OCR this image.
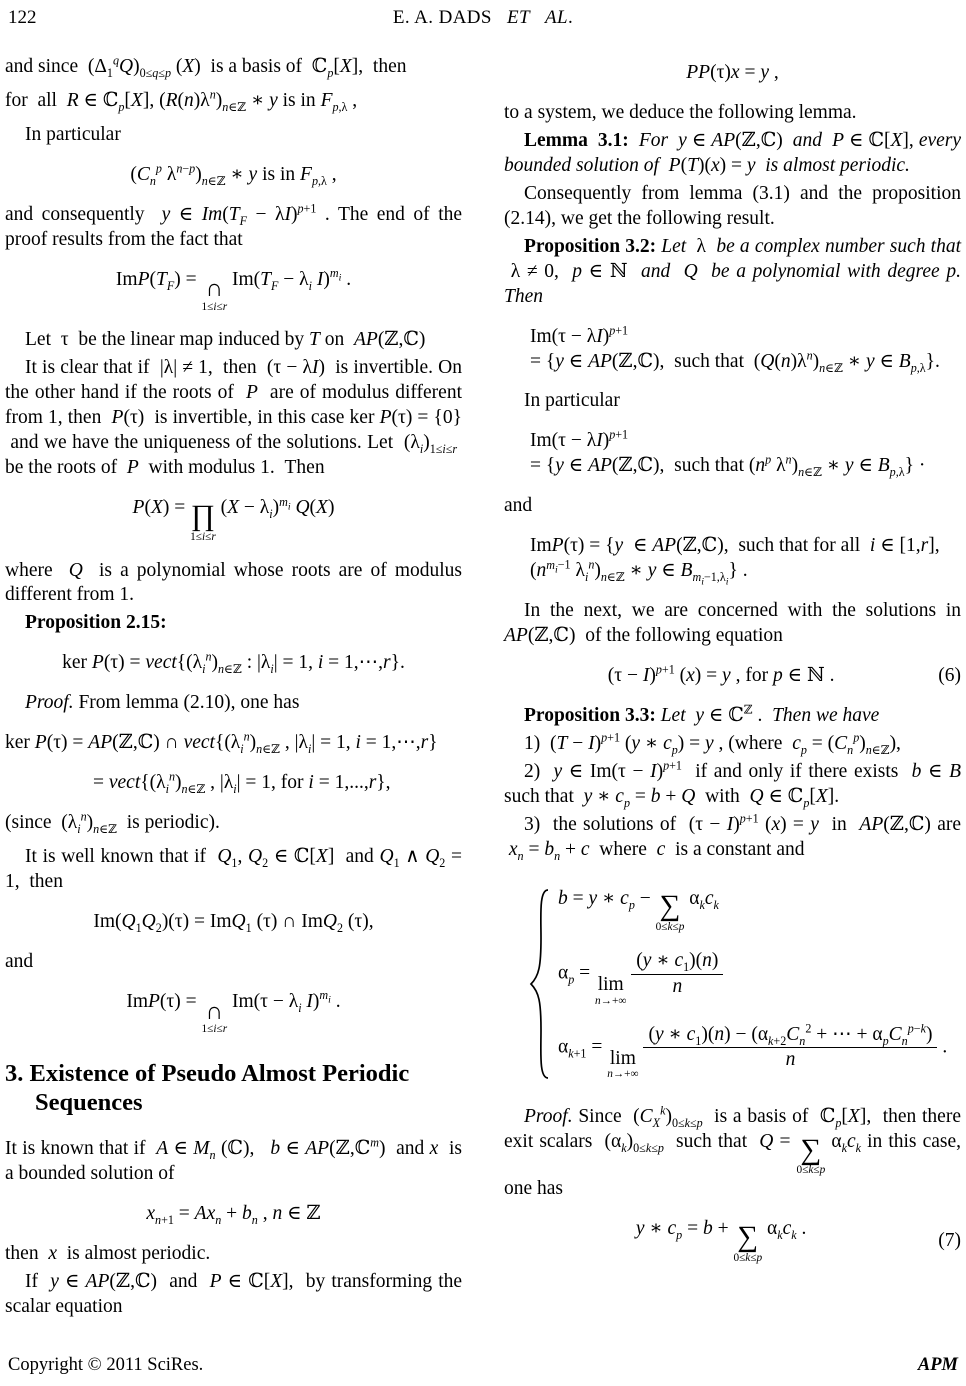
122	E. A. DADS  ET  AL.
and since  $(\Delta_1^qQ)_{0\le q\le p}$ (X)  is a basis of  ℂ$_p$[X],  then
for  all  R ∈ ℂ$_p$[X], $(R(n)\lambda^n)_{n\in ℤ}$ ∗ y is in $F_{p,\lambda}$ ,
In particular
($C_n^p$ $\lambda^{n-p})_{n\in ℤ}$ ∗ y is in $F_{p,\lambda}$ ,
and consequently  y ∈ $Im(T_F - \lambda I)^{p+1}$ . The end of the proof results from the fact that
$ImP(T_F)$ = ∩
1≤i≤r
$Im(T_F - \lambda_i$ I)$^{m_i}$ .
Let  τ  be the linear map induced by T on  AP(ℤ,ℂ)
It is clear that if  |λ| ≠ 1,  then  (τ − λI)  is invertible. On the other hand if the roots of  P  are of modulus different from 1, then  P(τ)  is invertible, in this case ker P(τ) = {0}  and we have the uniqueness of the solutions. Let  $(\lambda_i)_{1\le i\le r}$  be the roots of  P  with modulus 1.  Then
P(X) = ∏
1≤i≤r
$(X - \lambda_i)^{m_i}$ Q(X)
where  Q  is a polynomial whose roots are of modulus different from 1.
Proposition 2.15:
ker $P(\tau) = vect\{(\lambda_i^n)_{n\in ℤ}$ : $|\lambda_i| = 1$, i = 1,⋯,r}.
Proof. From lemma (2.10), one has
ker P(τ) = AP(ℤ,ℂ) ∩ $vect\{(\lambda_i^n)_{n\in ℤ}$ , $|\lambda_i| = 1$, i = 1,⋯,r}
= $vect\{(\lambda_i^n)_{n\in ℤ}$ , $|\lambda_i| = 1$, for i = 1,...,r},
(since  $(\lambda_i^n)_{n\in ℤ}$  is periodic).
It is well known that if  $Q_1$, $Q_2$ ∈ ℂ[X]  and $Q_1$ ∧ $Q_2 = 1$,  then
$Im(Q_1Q_2)(\tau) = ImQ_1$ (τ) ∩ ImQ$_2$ (τ),
and
ImP(τ) = ∩
1≤i≤r
$Im(\tau - \lambda_i$ I)$^{m_i}$ .
3. Existence of Pseudo Almost Periodic Sequences
It is known that if  A ∈ $M_n$ (ℂ),   b ∈ AP(ℤ,ℂ$^m$)  and x  is a bounded solution of
$x_{n+1} = Ax_n + b_n$ , n ∈ ℤ
then  x  is almost periodic.
If  y ∈ AP(ℤ,ℂ)  and  P ∈ ℂ[X],  by transforming the scalar equation
PP(τ)x = y ,
to a system, we deduce the following lemma.
Lemma  3.1: For y ∈ AP(ℤ,ℂ)  and P ∈ ℂ[X], every bounded solution of P(T)(x) = y is almost periodic.
Consequently from lemma (3.1) and the proposition (2.14), we get the following result.
Proposition 3.2: Let  λ  be a complex number such that  λ ≠ 0,  p ∈ ℕ  and Q be a polynomial with degree p. Then
$Im(\tau - \lambda I)^{p+1}$
= {y ∈ AP(ℤ,ℂ),  such that  $(Q(n)\lambda^n)_{n\in ℤ}$ ∗ y ∈ $B_{p,\lambda}$}.
In particular
$Im(\tau - \lambda I)^{p+1}$
= {y ∈ AP(ℤ,ℂ),  such that ($n^p$ $\lambda^n)_{n\in ℤ}$ ∗ y ∈ $B_{p,\lambda}$} ·
and
ImP(τ) = {y  ∈ AP(ℤ,ℂ),  such that for all  i ∈ [1,r],
($n^{m_i-1}$ $\lambda_i^n)_{n\in ℤ}$ ∗ y ∈ $B_{m_i-1,\lambda_i}$} .
In the next, we are concerned with the solutions in AP(ℤ,ℂ)  of the following equation
$(\tau - I)^{p+1}$ (x) = y , for p ∈ ℕ .	(6)
Proposition 3.3: Let y ∈ ℂ$^ℤ$ .  Then we have
1)  $(T - I)^{p+1}$ (y ∗ $c_p) = y$ , (where  $c_p = (C_n^p)_{n\in ℤ}$),
2)  y ∈ $Im(\tau - I)^{p+1}$  if and only if there exists  b ∈ B such that  y ∗ $c_p = b + Q$  with  Q ∈ ℂ$_p$[X].
3)  the solutions of  $(\tau - I)^{p+1}$ (x) = y  in  AP(ℤ,ℂ) are  $x_n = b_n + c$  where  c  is a constant and
b = y ∗ $c_p$ − ∑
0≤k≤p
$\alpha_kc_k$
$\alpha_p$ =
lim
n→+∞

$\frac{(y ∗ c_1)(n)}{n}$
$\alpha_{k+1}$ =
lim
n→+∞

(y ∗ $c_1)(n) - (\alpha_{k+2}C_n^2$ + ⋯ + $\alpha_pC_n^{p-k}$)
n
.
Proof. Since  $(C_X^k)_{0\le k\le p}$  is a basis of  ℂ$_p$[X],  then there exit scalars  $(\alpha_k)_{0\le k\le p}$  such that  Q = ∑
0≤k≤p
$\alpha_kc_k$ in this case, one has
y ∗ $c_p = b$ + ∑
0≤k≤p
$\alpha_kc_k$ .
(7)
Copyright © 2011 SciRes.	APM
